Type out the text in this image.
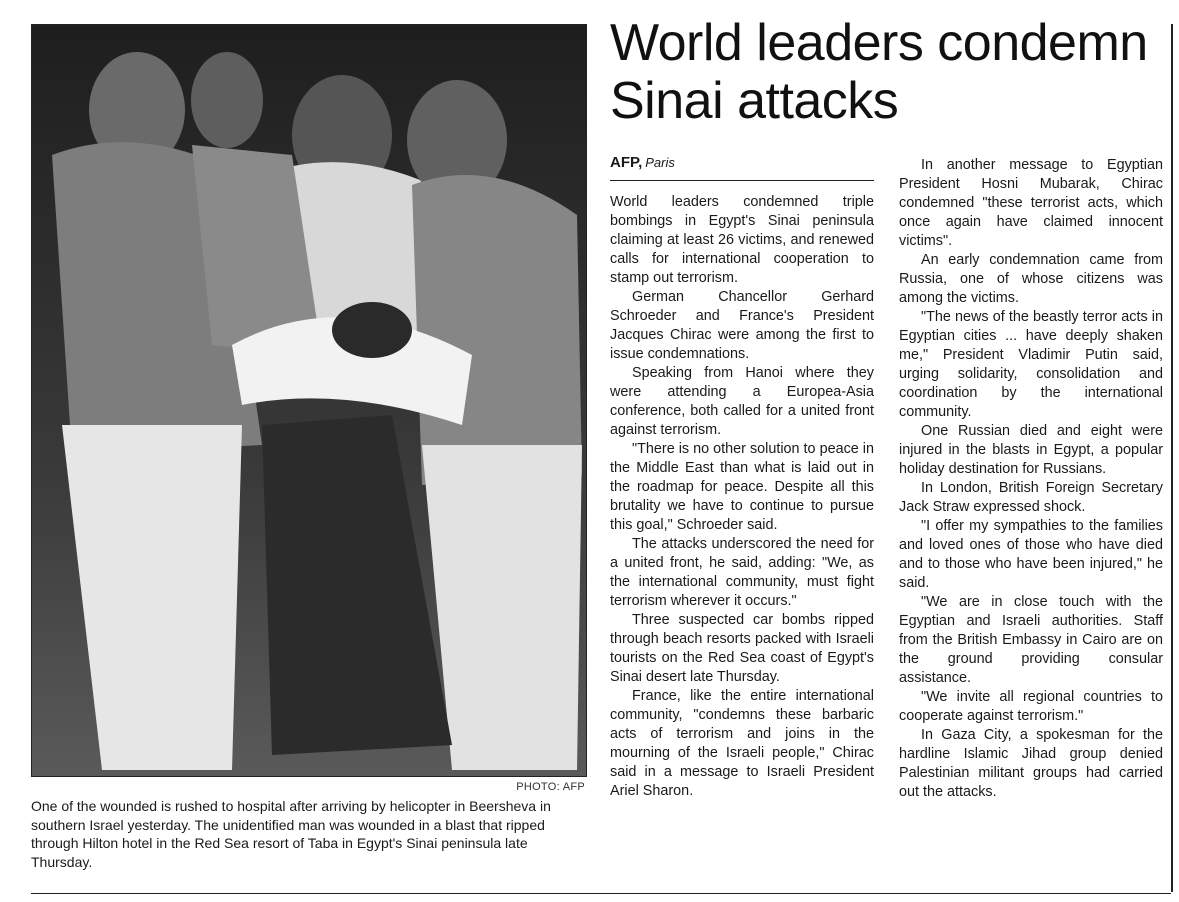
PHOTO: AFP

One of the wounded is rushed to hospital after arriving by helicopter in Beersheva in southern Israel yesterday. The unidentified man was wounded in a blast that ripped through Hilton hotel in the Red Sea resort of Taba in Egypt's Sinai peninsula late Thursday.

World leaders condemn
Sinai attacks
AFP, Paris

World leaders condemned triple bombings in Egypt's Sinai peninsula claiming at least 26 victims, and renewed calls for international cooperation to stamp out terrorism.

German Chancellor Gerhard Schroeder and France's President Jacques Chirac were among the first to issue condemnations.

Speaking from Hanoi where they were attending a Europea-Asia conference, both called for a united front against terrorism.

"There is no other solution to peace in the Middle East than what is laid out in the roadmap for peace. Despite all this brutality we have to continue to pursue this goal," Schroeder said.

The attacks underscored the need for a united front, he said, adding: "We, as the international community, must fight terrorism wherever it occurs."

Three suspected car bombs ripped through beach resorts packed with Israeli tourists on the Red Sea coast of Egypt's Sinai desert late Thursday.

France, like the entire international community, "condemns these barbaric acts of terrorism and joins in the mourning of the Israeli people," Chirac said in a message to Israeli President Ariel Sharon.

In another message to Egyptian President Hosni Mubarak, Chirac condemned "these terrorist acts, which once again have claimed innocent victims".

An early condemnation came from Russia, one of whose citizens was among the victims.

"The news of the beastly terror acts in Egyptian cities ... have deeply shaken me," President Vladimir Putin said, urging solidarity, consolidation and coordination by the international community.

One Russian died and eight were injured in the blasts in Egypt, a popular holiday destination for Russians.

In London, British Foreign Secretary Jack Straw expressed shock.

"I offer my sympathies to the families and loved ones of those who have died and to those who have been injured," he said.

"We are in close touch with the Egyptian and Israeli authorities. Staff from the British Embassy in Cairo are on the ground providing consular assistance.

"We invite all regional countries to cooperate against terrorism."

In Gaza City, a spokesman for the hardline Islamic Jihad group denied Palestinian militant groups had carried out the attacks.
